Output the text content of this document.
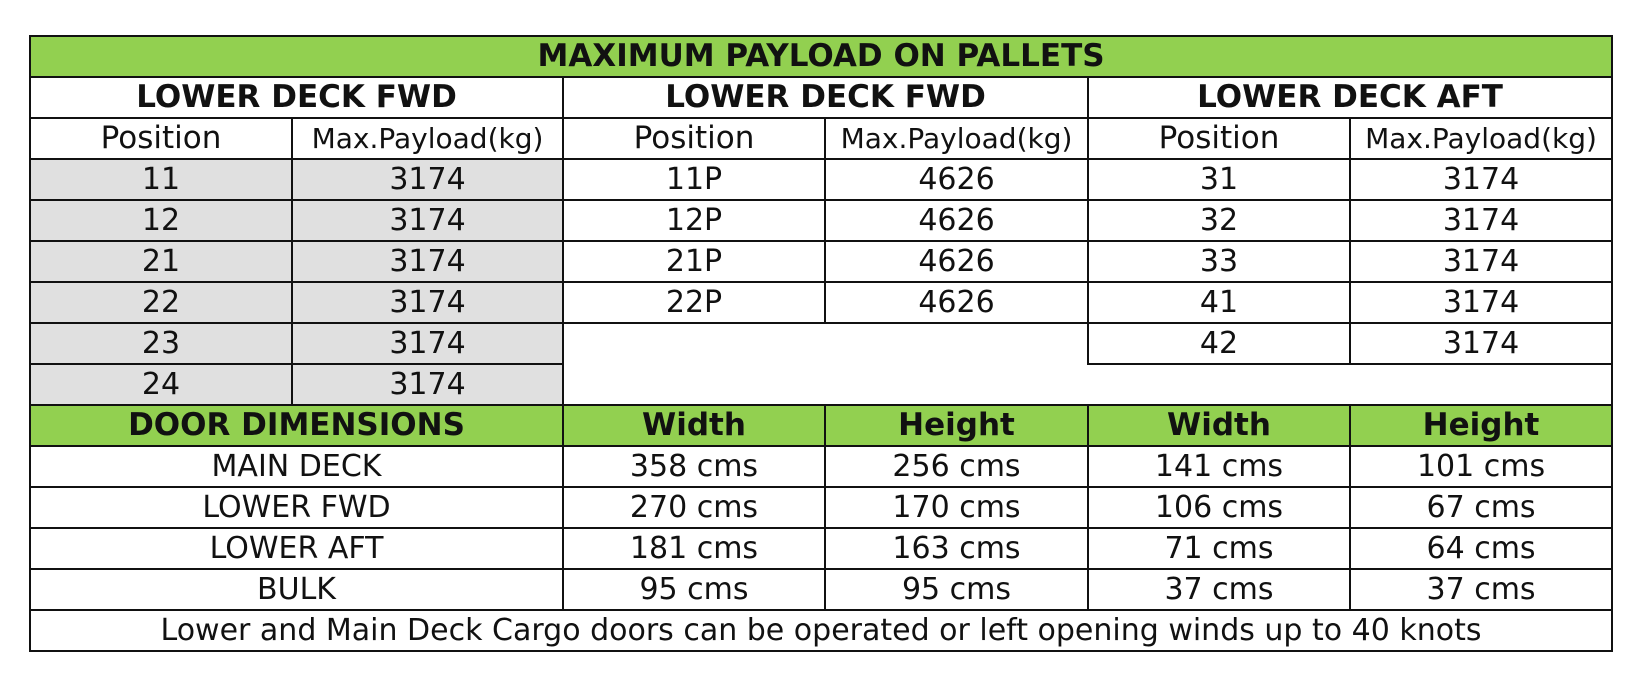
MAXIMUM PAYLOAD ON PALLETS					
LOWER DECK FWD		LOWER DECK FWD		LOWER DECK AFT	
Position	Max.Payload(kg)	Position	Max.Payload(kg)	Position	Max.Payload(kg)
11	3174	11P	4626	31	3174
12	3174	12P	4626	32	3174
21	3174	21P	4626	33	3174
22	3174	22P	4626	41	3174
23	3174			42	3174
24	3174				
DOOR DIMENSIONS		Width	Height	Width	Height
MAIN DECK		358 cms	256 cms	141 cms	101 cms
LOWER FWD		270 cms	170 cms	106 cms	67 cms
LOWER AFT		181 cms	163 cms	71 cms	64 cms
BULK		95 cms	95 cms	37 cms	37 cms
Lower and Main Deck Cargo doors can be operated or left opening winds up to 40 knots					
